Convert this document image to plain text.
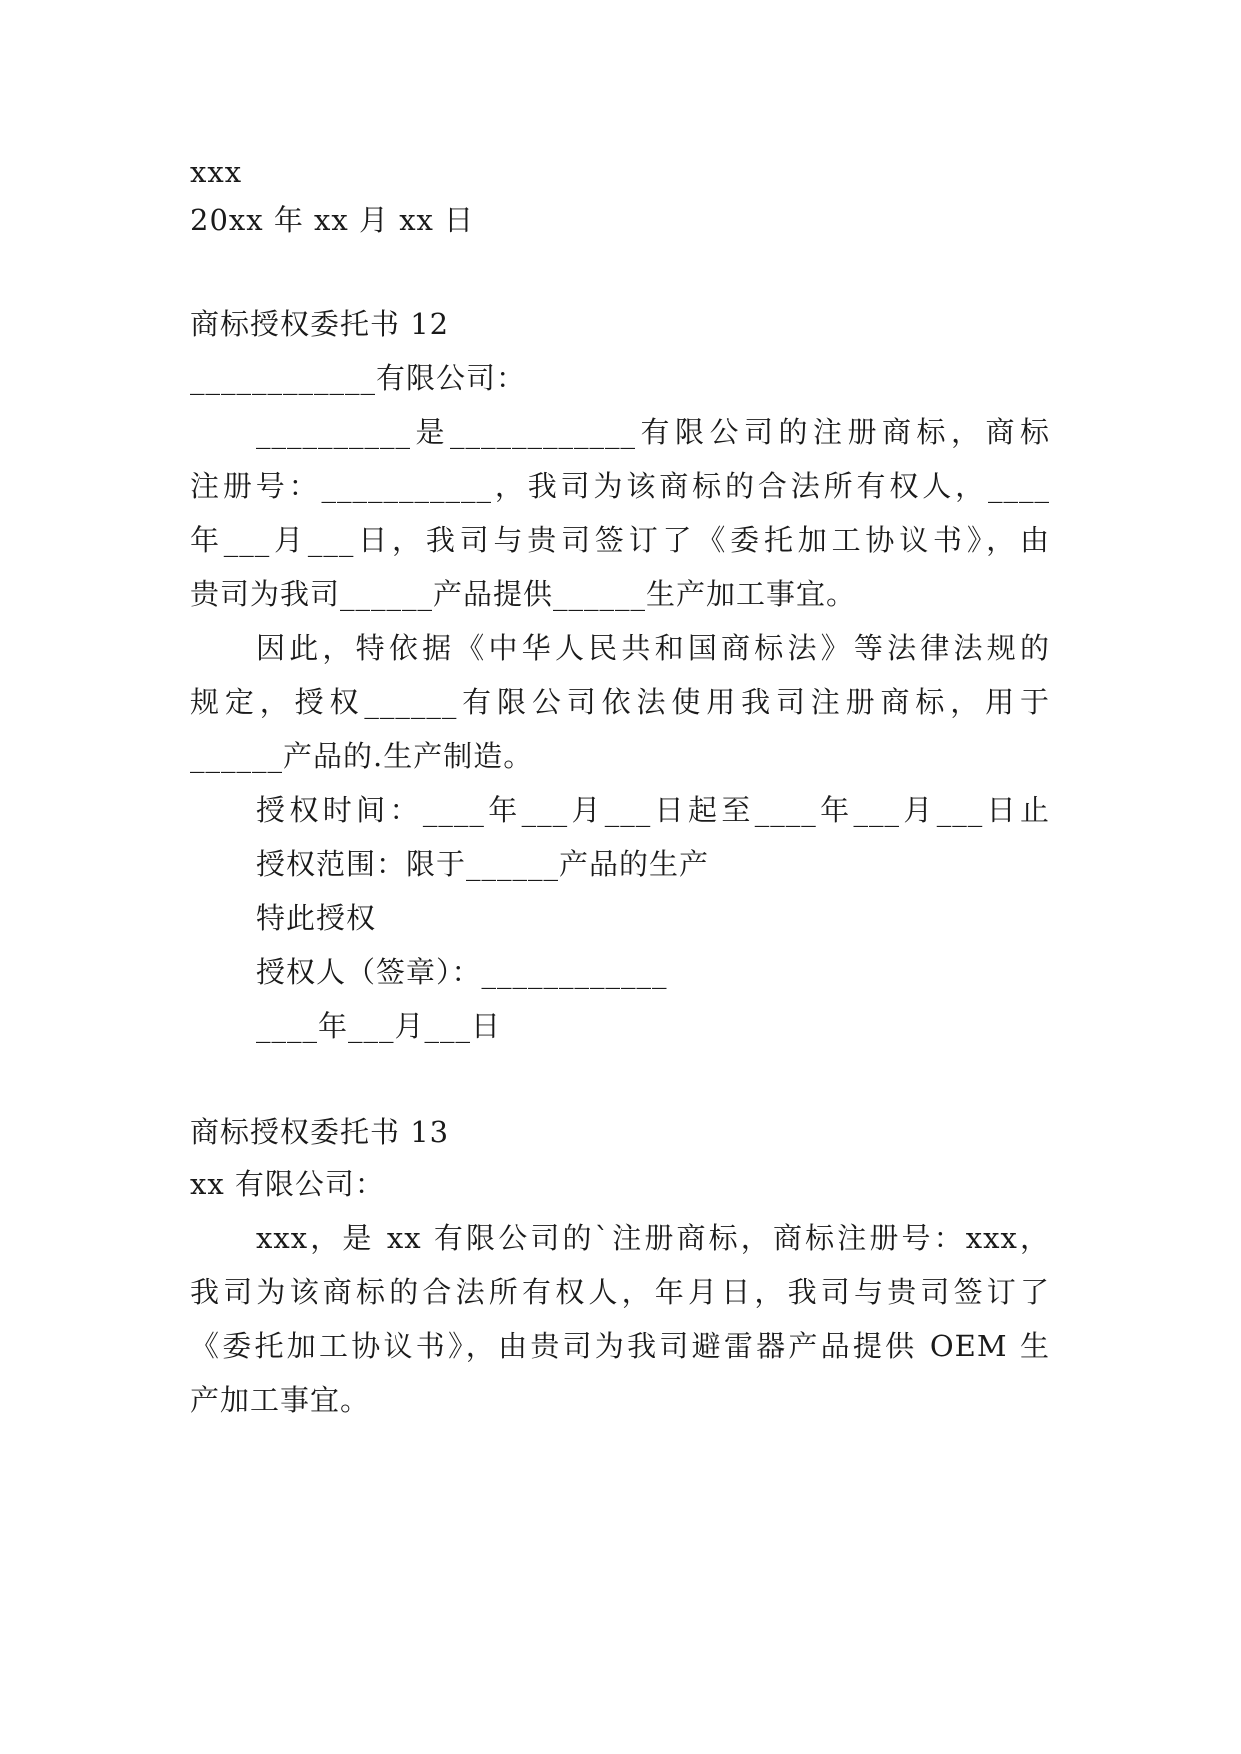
xxx
20xx 年 xx 月 xx 日
商标授权委托书 12
____________有限公司：
__________是____________有限公司的注册商标，商标
注册号：___________，我司为该商标的合法所有权人，____
年___月___日，我司与贵司签订了《委托加工协议书》，由
贵司为我司______产品提供______生产加工事宜。
因此，特依据《中华人民共和国商标法》等法律法规的
规定，授权______有限公司依法使用我司注册商标，用于
______产品的.生产制造。
授权时间：____年___月___日起至____年___月___日止
授权范围：限于______产品的生产
特此授权
授权人（签章）：____________
____年___月___日
商标授权委托书 13
xx 有限公司：
xxx，是 xx 有限公司的`注册商标，商标注册号：xxx，
我司为该商标的合法所有权人，年月日，我司与贵司签订了
《委托加工协议书》，由贵司为我司避雷器产品提供 OEM 生
产加工事宜。
